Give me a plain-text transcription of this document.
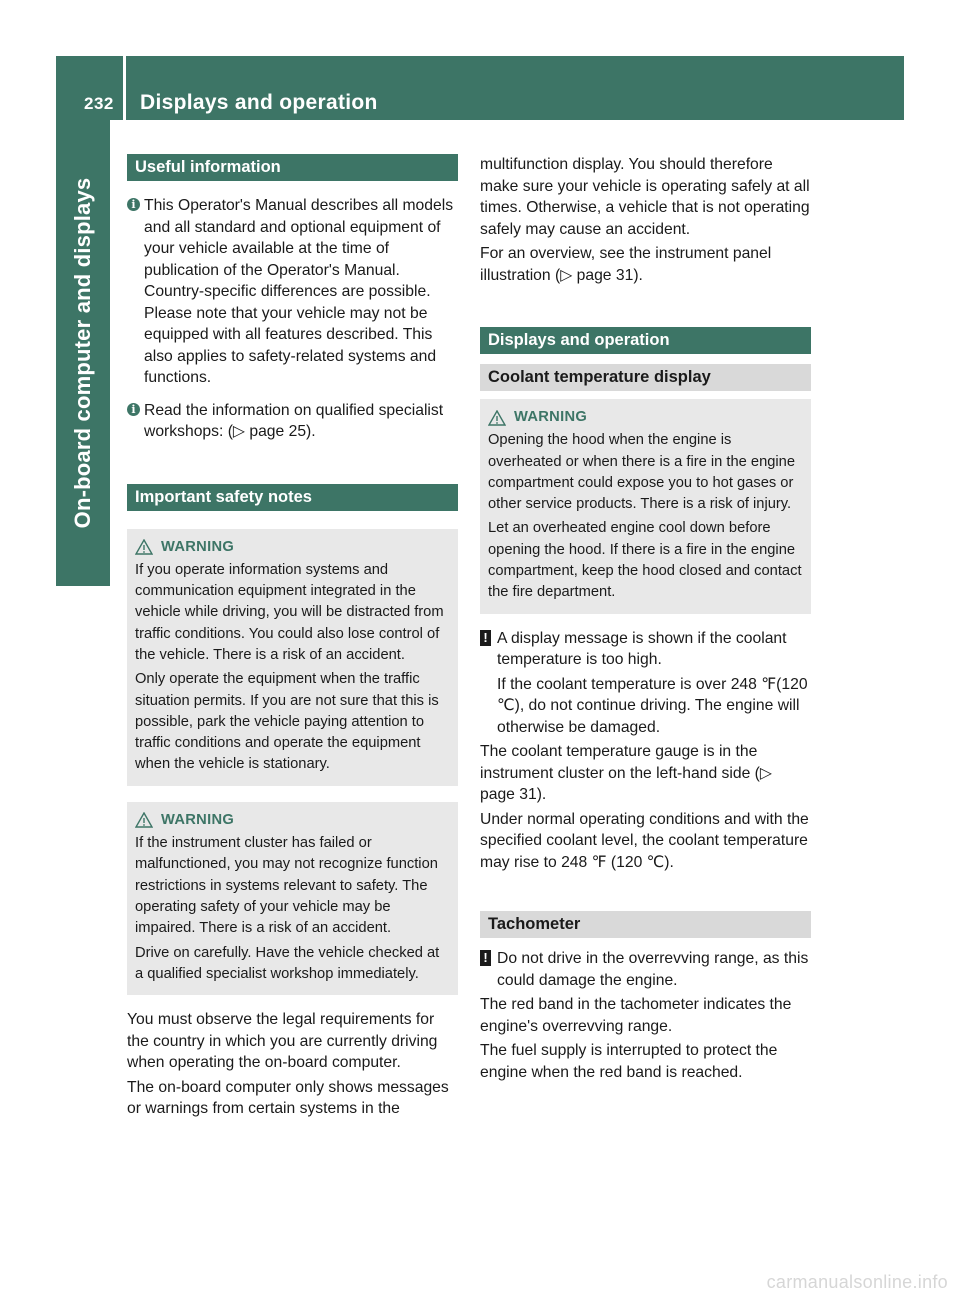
232 Displays and operation
On-board computer and displays
Useful information

i This Operator's Manual describes all models and all standard and optional equipment of your vehicle available at the time of publication of the Operator's Manual. Country-specific differences are possible. Please note that your vehicle may not be equipped with all features described. This also applies to safety-related systems and functions.

i Read the information on qualified specialist workshops: (▷ page 25).

Important safety notes
WARNING

If you operate information systems and communication equipment integrated in the vehicle while driving, you will be distracted from traffic conditions. You could also lose control of the vehicle. There is a risk of an accident.

Only operate the equipment when the traffic situation permits. If you are not sure that this is possible, park the vehicle paying attention to traffic conditions and operate the equipment when the vehicle is stationary.

WARNING

If the instrument cluster has failed or malfunctioned, you may not recognize function restrictions in systems relevant to safety. The operating safety of your vehicle may be impaired. There is a risk of an accident.

Drive on carefully. Have the vehicle checked at a qualified specialist workshop immediately.

You must observe the legal requirements for the country in which you are currently driving when operating the on-board computer.

The on-board computer only shows messages or warnings from certain systems in the

multifunction display. You should therefore make sure your vehicle is operating safely at all times. Otherwise, a vehicle that is not operating safely may cause an accident.

For an overview, see the instrument panel illustration (▷ page 31).

Displays and operation
Coolant temperature display
WARNING

Opening the hood when the engine is overheated or when there is a fire in the engine compartment could expose you to hot gases or other service products. There is a risk of injury.

Let an overheated engine cool down before opening the hood. If there is a fire in the engine compartment, keep the hood closed and contact the fire department.

! A display message is shown if the coolant temperature is too high.

If the coolant temperature is over 248 ℉(120 ℃), do not continue driving. The engine will otherwise be damaged.

The coolant temperature gauge is in the instrument cluster on the left-hand side (▷ page 31).

Under normal operating conditions and with the specified coolant level, the coolant temperature may rise to 248 ℉ (120 ℃).

Tachometer

! Do not drive in the overrevving range, as this could damage the engine.

The red band in the tachometer indicates the engine's overrevving range.

The fuel supply is interrupted to protect the engine when the red band is reached.

carmanualsonline.info
